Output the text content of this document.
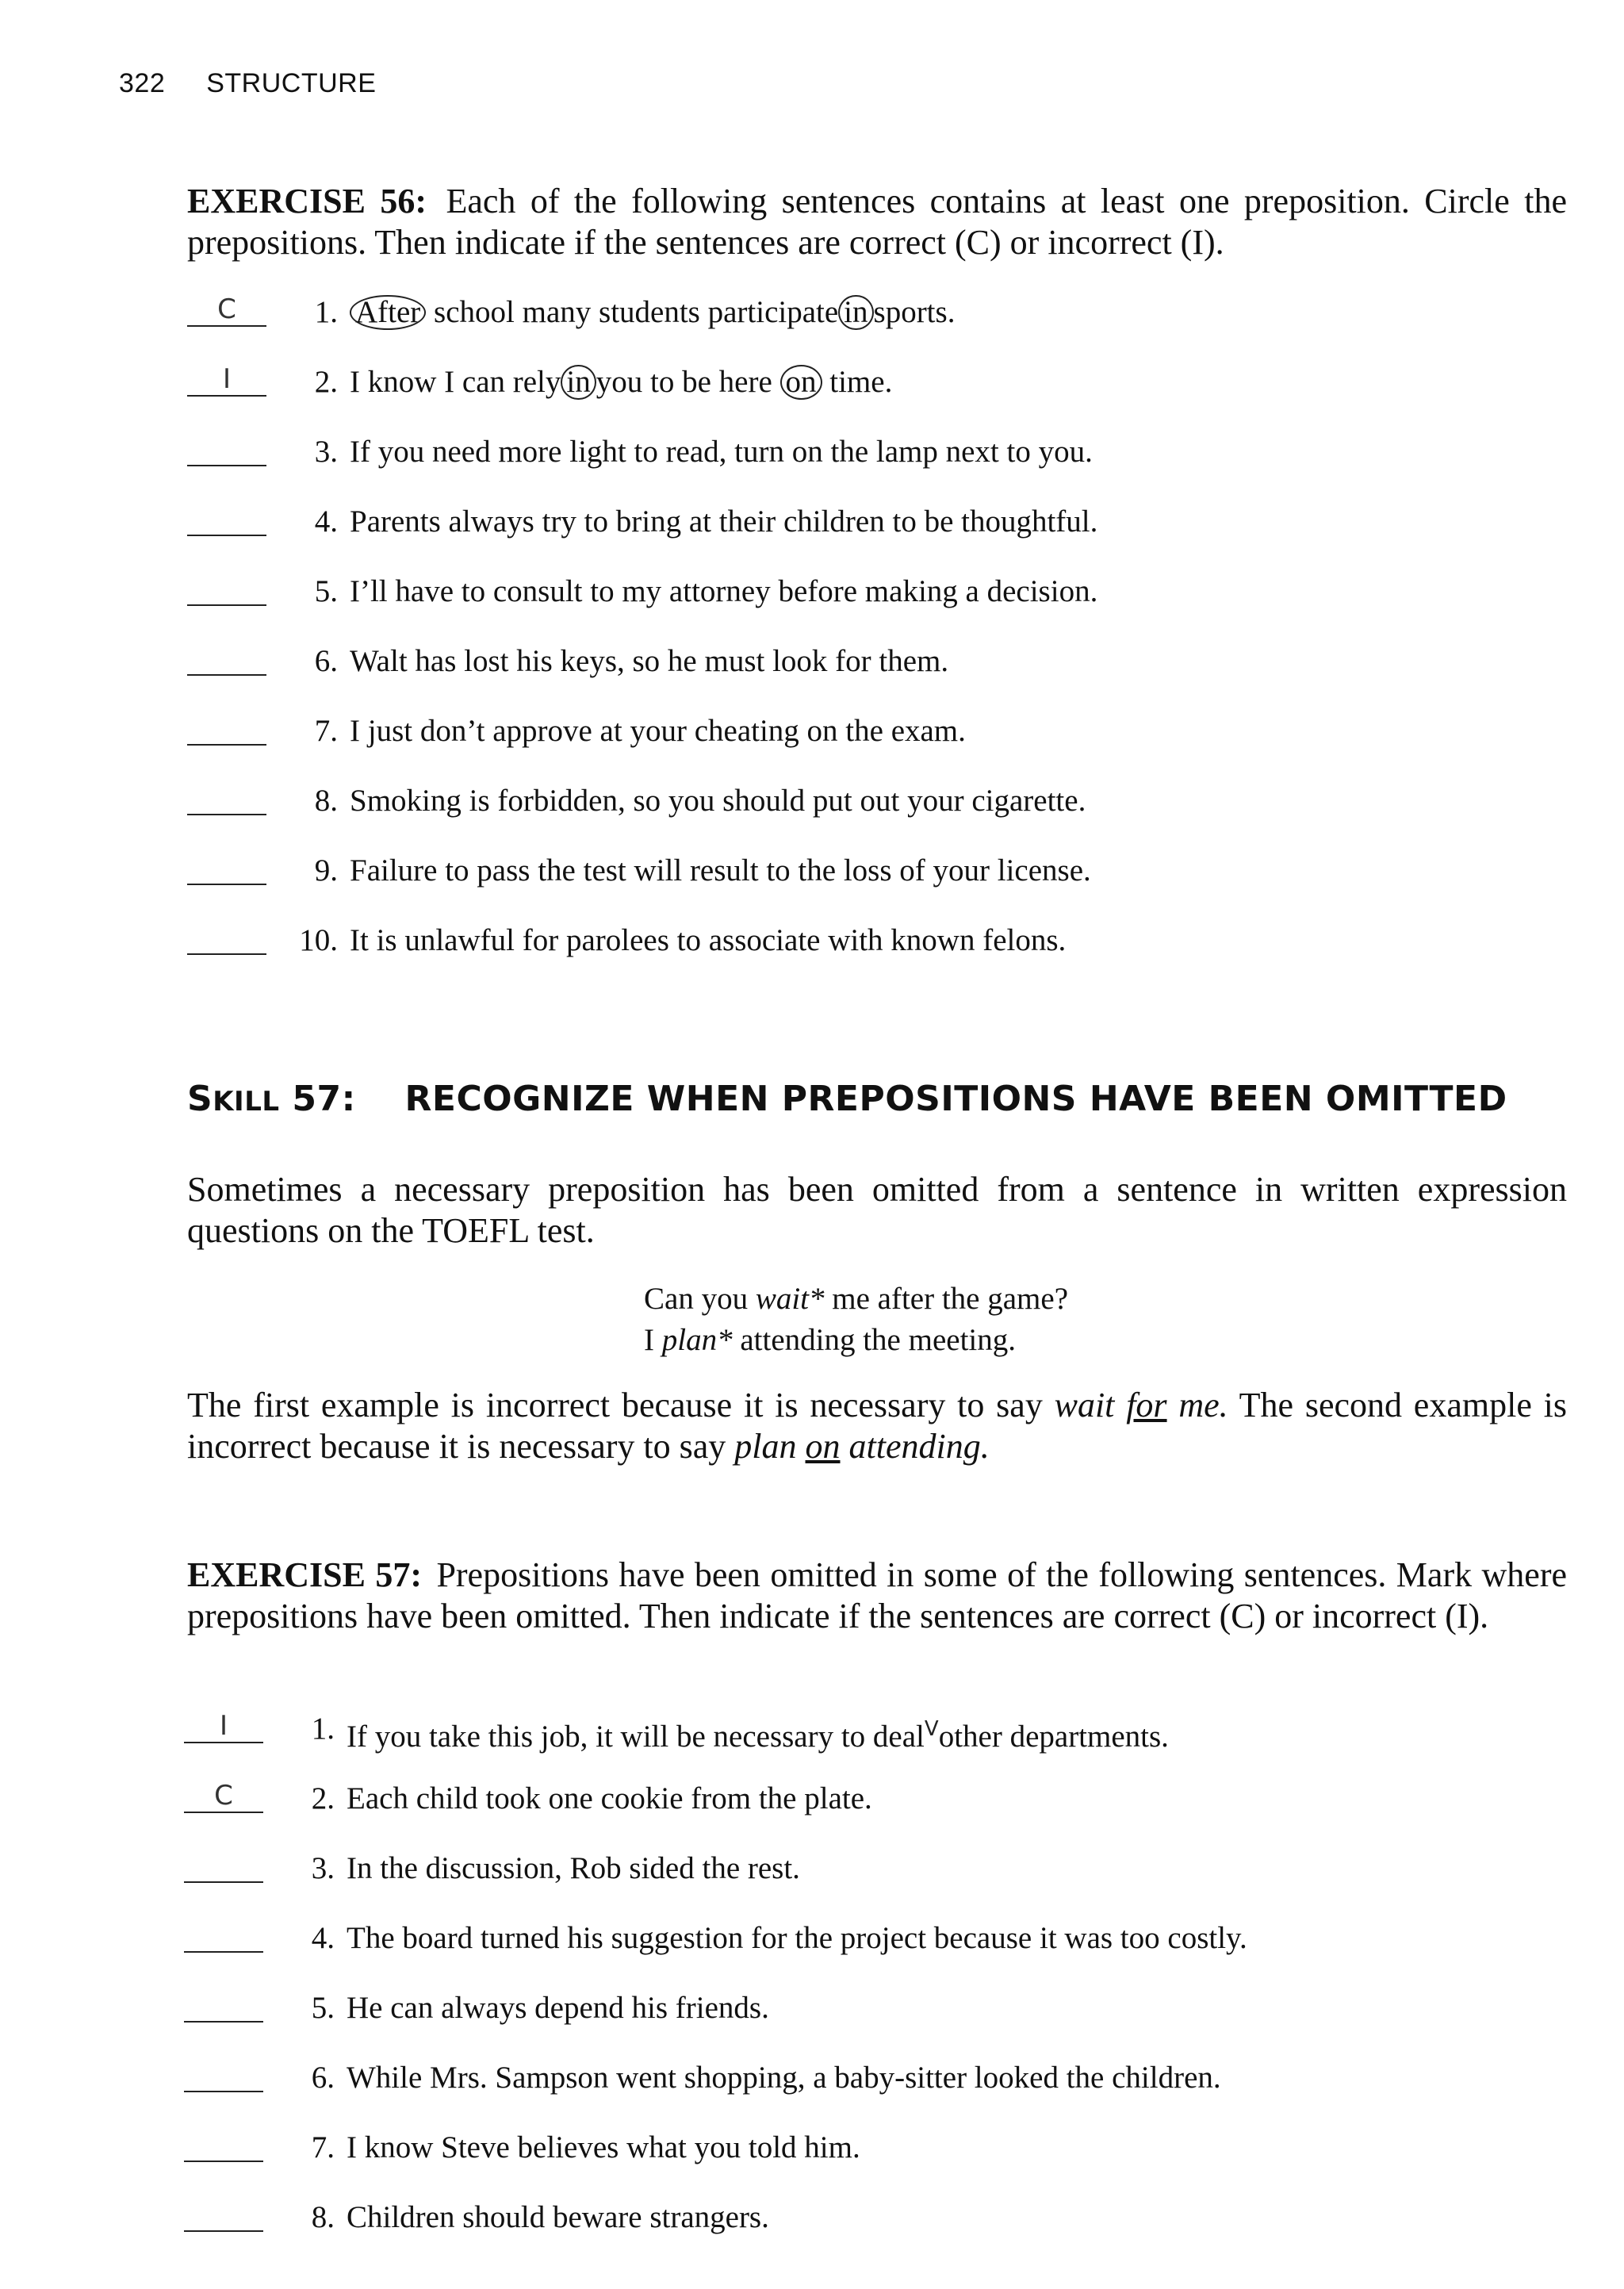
322 STRUCTURE

EXERCISE 56: Each of the following sentences contains at least one preposition. Circle the prepositions. Then indicate if the sentences are correct (C) or incorrect (I).

C	1. After school many students participate in sports.
I	2. I know I can rely in you to be here on time.
3. If you need more light to read, turn on the lamp next to you.
4. Parents always try to bring at their children to be thoughtful.
5. I’ll have to consult to my attorney before making a decision.
6. Walt has lost his keys, so he must look for them.
7. I just don’t approve at your cheating on the exam.
8. Smoking is forbidden, so you should put out your cigarette.
9. Failure to pass the test will result to the loss of your license.
10. It is unlawful for parolees to associate with known felons.
SKILL 57: RECOGNIZE WHEN PREPOSITIONS HAVE BEEN OMITTED

Sometimes a necessary preposition has been omitted from a sentence in written expression questions on the TOEFL test.

Can you wait* me after the game?
I plan* attending the meeting.

The first example is incorrect because it is necessary to say wait for me. The second example is incorrect because it is necessary to say plan on attending.

EXERCISE 57: Prepositions have been omitted in some of the following sentences. Mark where prepositions have been omitted. Then indicate if the sentences are correct (C) or incorrect (I).

I	1. If you take this job, it will be necessary to deal$^V$other departments.
C	2. Each child took one cookie from the plate.
3. In the discussion, Rob sided the rest.
4. The board turned his suggestion for the project because it was too costly.
5. He can always depend his friends.
6. While Mrs. Sampson went shopping, a baby-sitter looked the children.
7. I know Steve believes what you told him.
8. Children should beware strangers.
